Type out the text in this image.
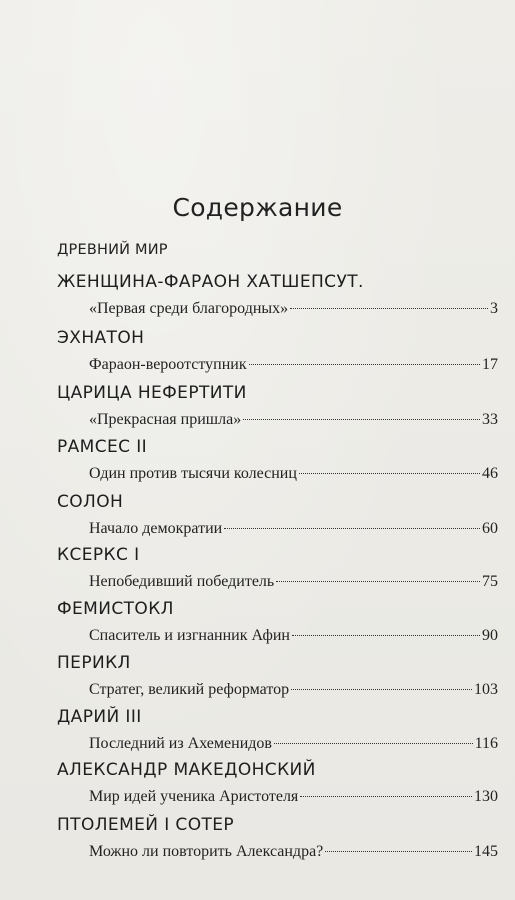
Содержание
ДРЕВНИЙ МИР
ЖЕНЩИНА-ФАРАОН ХАТШЕПСУТ.
«Первая среди благородных»	3
ЭХНАТОН
Фараон-вероотступник	17
ЦАРИЦА НЕФЕРТИТИ
«Прекрасная пришла»	33
РАМСЕС II
Один против тысячи колесниц	46
СОЛОН
Начало демократии	60
КСЕРКС I
Непобедивший победитель	75
ФЕМИСТОКЛ
Спаситель и изгнанник Афин	90
ПЕРИКЛ
Стратег, великий реформатор	103
ДАРИЙ III
Последний из Ахеменидов	116
АЛЕКСАНДР МАКЕДОНСКИЙ
Мир идей ученика Аристотеля	130
ПТОЛЕМЕЙ I СОТЕР
Можно ли повторить Александра?	145
